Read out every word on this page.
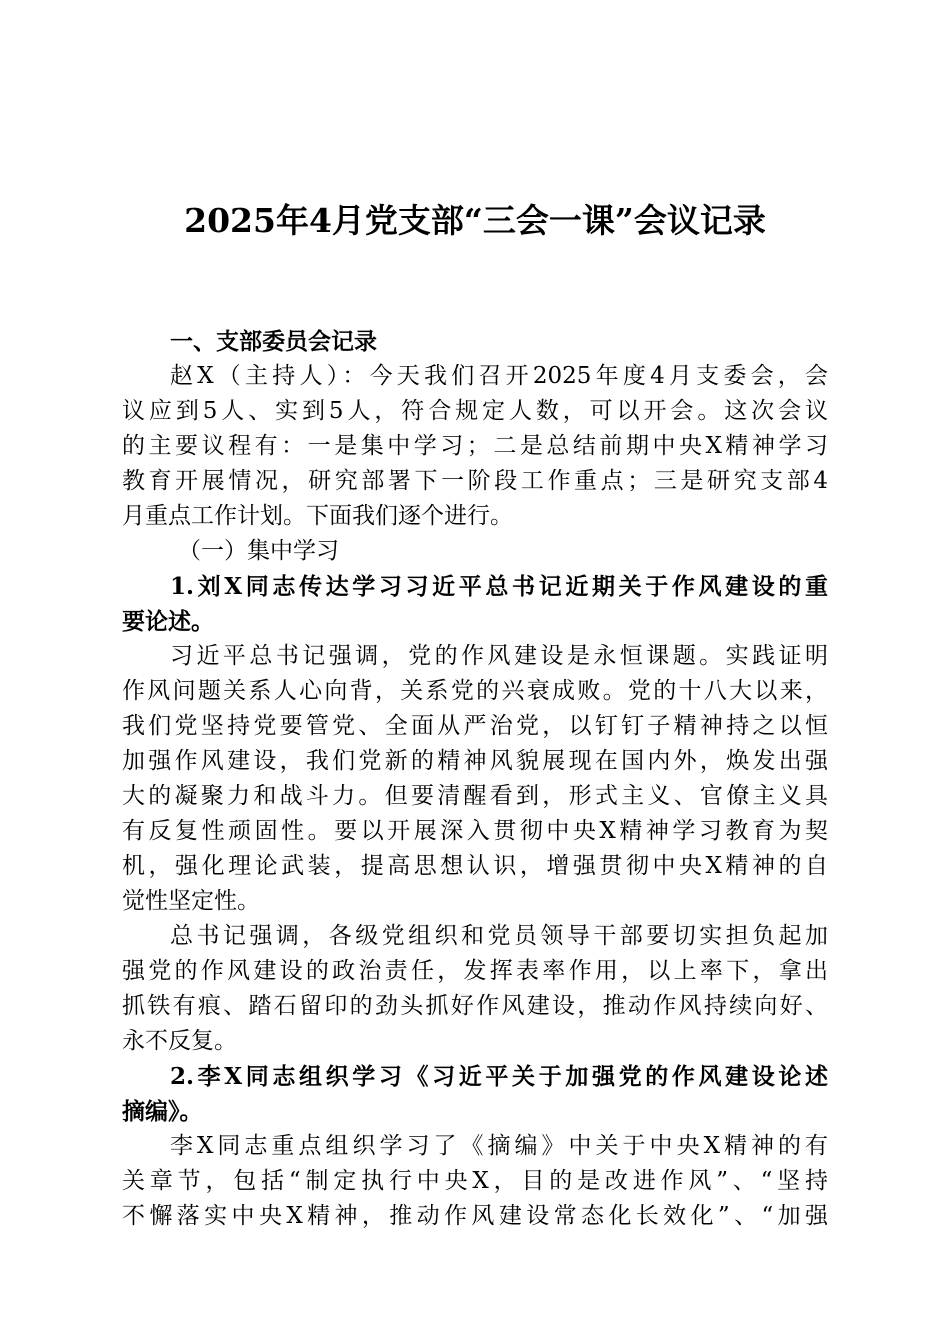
2025年4月党支部“三会一课”会议记录
一、支部委员会记录
赵X（主持人）：今天我们召开2025年度4月支委会，会
议应到5人、实到5人，符合规定人数，可以开会。这次会议
的主要议程有：一是集中学习；二是总结前期中央X精神学习
教育开展情况，研究部署下一阶段工作重点；三是研究支部4
月重点工作计划。下面我们逐个进行。
（一）集中学习
1.刘X同志传达学习习近平总书记近期关于作风建设的重
要论述。
习近平总书记强调，党的作风建设是永恒课题。实践证明
作风问题关系人心向背，关系党的兴衰成败。党的十八大以来，
我们党坚持党要管党、全面从严治党，以钉钉子精神持之以恒
加强作风建设，我们党新的精神风貌展现在国内外，焕发出强
大的凝聚力和战斗力。但要清醒看到，形式主义、官僚主义具
有反复性顽固性。要以开展深入贯彻中央X精神学习教育为契
机，强化理论武装，提高思想认识，增强贯彻中央X精神的自
觉性坚定性。
总书记强调，各级党组织和党员领导干部要切实担负起加
强党的作风建设的政治责任，发挥表率作用，以上率下，拿出
抓铁有痕、踏石留印的劲头抓好作风建设，推动作风持续向好、
永不反复。
2.李X同志组织学习《习近平关于加强党的作风建设论述
摘编》。
李X同志重点组织学习了《摘编》中关于中央X精神的有
关章节，包括“制定执行中央X，目的是改进作风”、“坚持
不懈落实中央X精神，推动作风建设常态化长效化”、“加强
